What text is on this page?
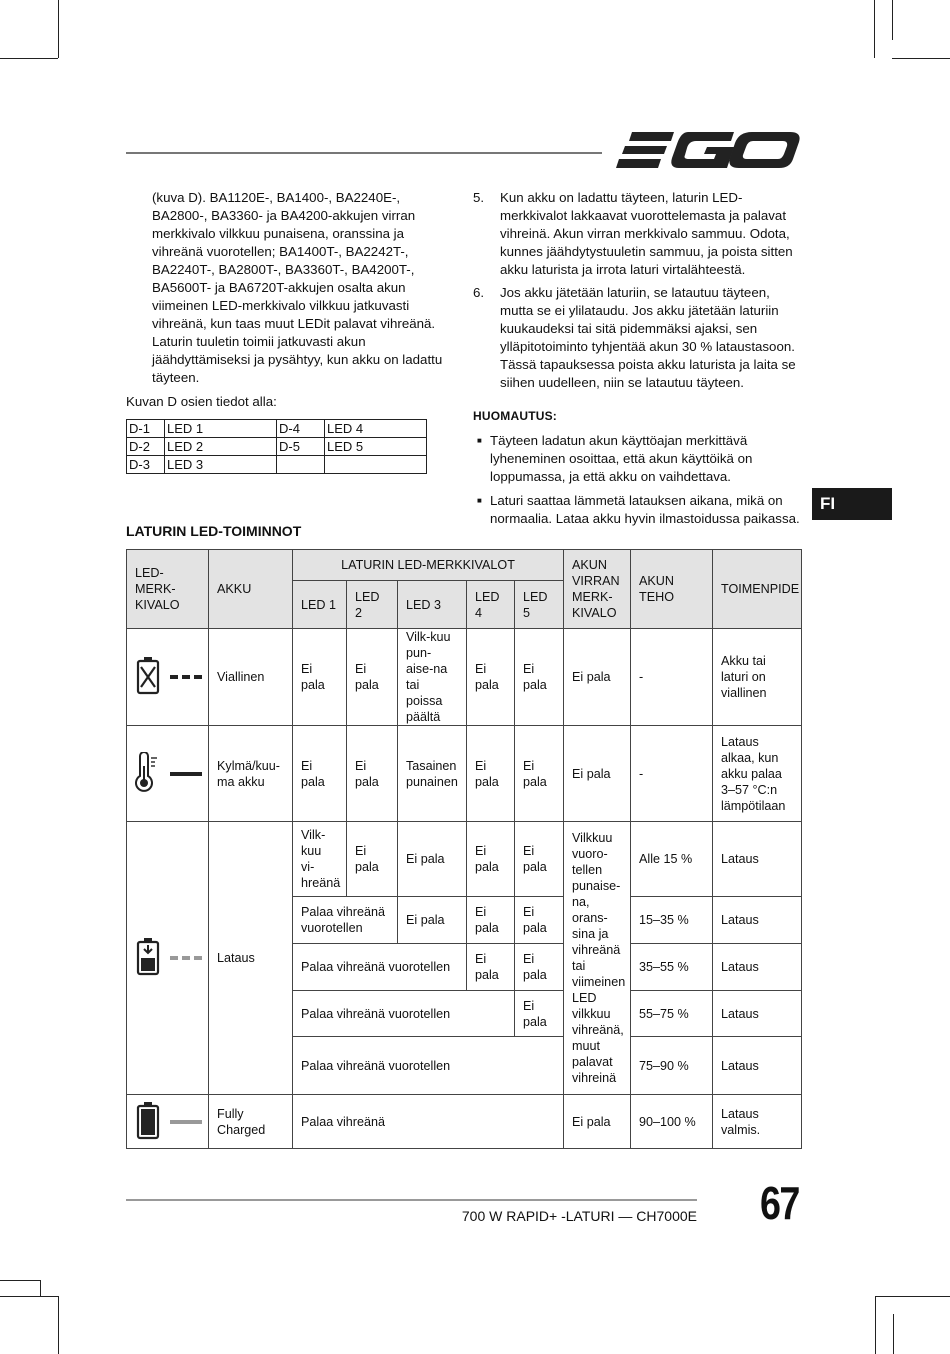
(kuva D). BA1120E-, BA1400-, BA2240E-, BA2800-, BA3360- ja BA4200-akkujen virran merkkivalo vilkkuu punaisena, oranssina ja vihreänä vuorotellen; BA1400T-, BA2242T-, BA2240T-, BA2800T-, BA3360T-, BA4200T-, BA5600T- ja BA6720T-akkujen osalta akun viimeinen LED-merkkivalo vilkkuu jatkuvasti vihreänä, kun taas muut LEDit palavat vihreänä. Laturin tuuletin toimii jatkuvasti akun jäähdyttämiseksi ja pysähtyy, kun akku on ladattu täyteen.

Kuvan D osien tiedot alla:

D-1	LED 1	D-4	LED 4
D-2	LED 2	D-5	LED 5
D-3	LED 3		
5.	Kun akku on ladattu täyteen, laturin LED-merkkivalot lakkaavat vuorottelemasta ja palavat vihreinä. Akun virran merkkivalo sammuu. Odota, kunnes jäähdytystuuletin sammuu, ja poista sitten akku laturista ja irrota laturi virtalähteestä.
6.	Jos akku jätetään laturiin, se latautuu täyteen, mutta se ei ylilataudu. Jos akku jätetään laturiin kuukaudeksi tai sitä pidemmäksi ajaksi, sen ylläpitotoiminto tyhjentää akun 30 % lataustasoon. Tässä tapauksessa poista akku laturista ja laita se siihen uudelleen, niin se latautuu täyteen.
HUOMAUTUS:
■ Täyteen ladatun akun käyttöajan merkittävä lyheneminen osoittaa, että akun käyttöikä on loppumassa, ja että akku on vaihdettava.
■ Laturi saattaa lämmetä latauksen aikana, mikä on normaalia. Lataa akku hyvin ilmastoidussa paikassa.
FI
LATURIN LED-TOIMINNOT
LED-MERK-KIVALO	AKKU	LATURIN LED-MERKKIVALOT					AKUN VIRRAN MERK-KIVALO	AKUN TEHO	TOIMENPIDE
		LED 1	LED 2	LED 3	LED 4	LED 5			
	Viallinen	Ei pala	Ei pala	Vilk-kuu pun-aise-na tai poissa päältä	Ei pala	Ei pala	Ei pala	-	Akku tai laturi on viallinen
	Kylmä/kuu-ma akku	Ei pala	Ei pala	Tasainen punainen	Ei pala	Ei pala	Ei pala	-	Lataus alkaa, kun akku palaa 3–57 °C:n lämpötilaan
	Lataus	Vilk-kuu vi-hreänä	Ei pala	Ei pala	Ei pala	Ei pala	Vilkkuu vuoro-tellen punaise-na, orans-sina ja vihreänä tai viimeinen LED vilkkuu vihreänä, muut palavat vihreinä	Alle 15 %	Lataus
		Palaa vihreänä vuorotellen		Ei pala	Ei pala	Ei pala		15–35 %	Lataus
		Palaa vihreänä vuorotellen			Ei pala	Ei pala		35–55 %	Lataus
		Palaa vihreänä vuorotellen				Ei pala		55–75 %	Lataus
		Palaa vihreänä vuorotellen						75–90 %	Lataus
	Fully Charged	Palaa vihreänä					Ei pala	90–100 %	Lataus valmis.
700 W RAPID+ -LATURI — CH7000E 67
